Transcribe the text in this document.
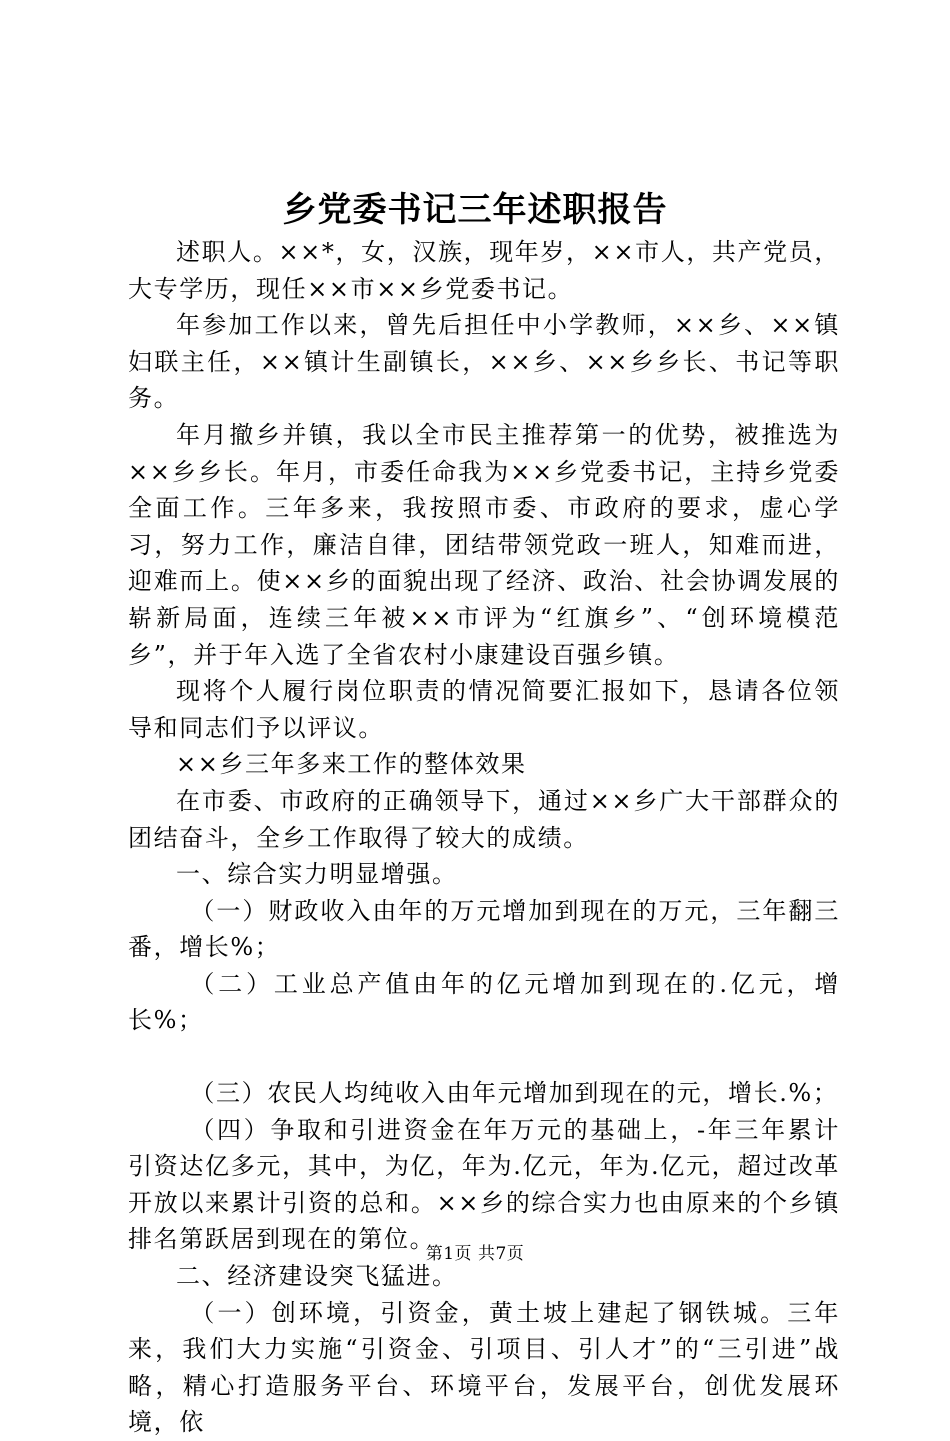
乡党委书记三年述职报告

述职人。××*，女，汉族，现年岁，××市人，共产党员，大专学历，现任××市××乡党委书记。

年参加工作以来，曾先后担任中小学教师，××乡、××镇妇联主任，××镇计生副镇长，××乡、××乡乡长、书记等职务。

年月撤乡并镇，我以全市民主推荐第一的优势，被推选为××乡乡长。年月，市委任命我为××乡党委书记，主持乡党委全面工作。三年多来，我按照市委、市政府的要求，虚心学习，努力工作，廉洁自律，团结带领党政一班人，知难而进，迎难而上。使××乡的面貌出现了经济、政治、社会协调发展的崭新局面，连续三年被××市评为“红旗乡”、“创环境模范乡”，并于年入选了全省农村小康建设百强乡镇。

现将个人履行岗位职责的情况简要汇报如下，恳请各位领导和同志们予以评议。

××乡三年多来工作的整体效果

在市委、市政府的正确领导下，通过××乡广大干部群众的团结奋斗，全乡工作取得了较大的成绩。

一、综合实力明显增强。

（一）财政收入由年的万元增加到现在的万元，三年翻三番，增长%；

（二）工业总产值由年的亿元增加到现在的.亿元，增长%；

（三）农民人均纯收入由年元增加到现在的元，增长.%；

（四）争取和引进资金在年万元的基础上，-年三年累计引资达亿多元，其中，为亿，年为.亿元，年为.亿元，超过改革开放以来累计引资的总和。××乡的综合实力也由原来的个乡镇排名第跃居到现在的第位。

二、经济建设突飞猛进。

（一）创环境，引资金，黄土坡上建起了钢铁城。三年来，我们大力实施“引资金、引项目、引人才”的“三引进”战略，精心打造服务平台、环境平台，发展平台，创优发展环境，依

第1页 共7页
